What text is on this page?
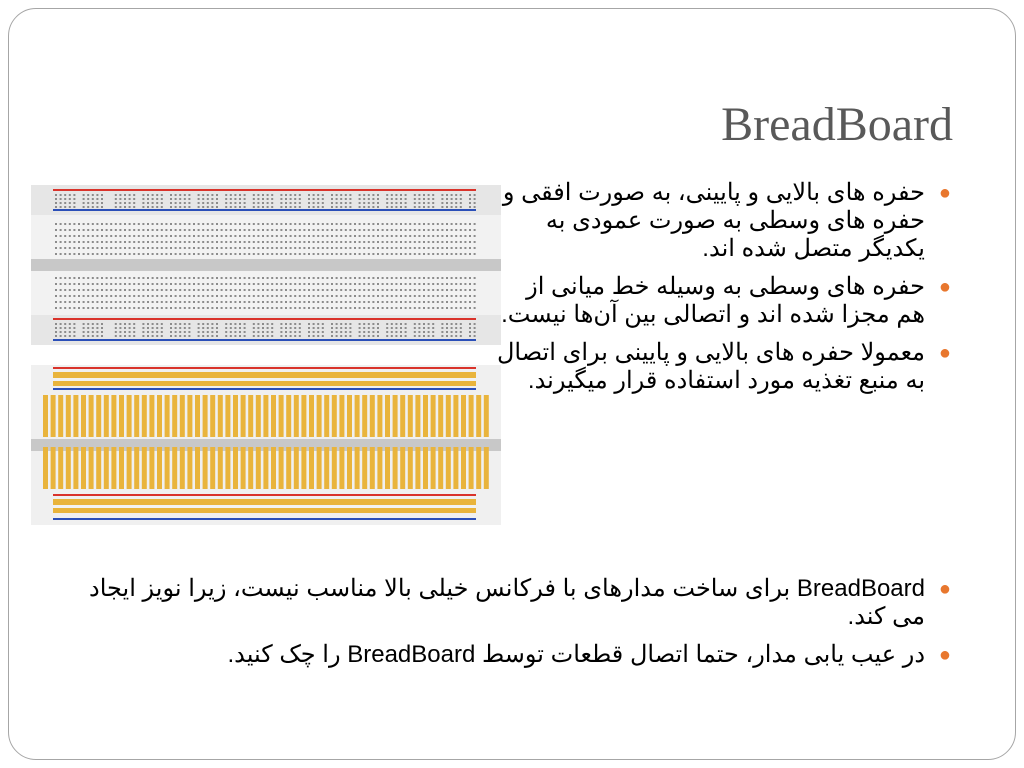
BreadBoard
●
حفره های بالایی و پایینی، به صورت افقی و حفره های وسطی به صورت عمودی به یکدیگر متصل شده اند.
●
حفره های وسطی به وسیله خط میانی از هم مجزا شده اند و اتصالی بین آن‌ها نیست.
●
معمولا حفره های بالایی و پایینی برای اتصال به منبع تغذیه مورد استفاده قرار میگیرند.
●
BreadBoard برای ساخت مدارهای با فرکانس خیلی بالا مناسب نیست، زیرا نویز ایجاد می کند.
●
در عیب یابی مدار، حتما اتصال قطعات توسط BreadBoard را چک کنید.
